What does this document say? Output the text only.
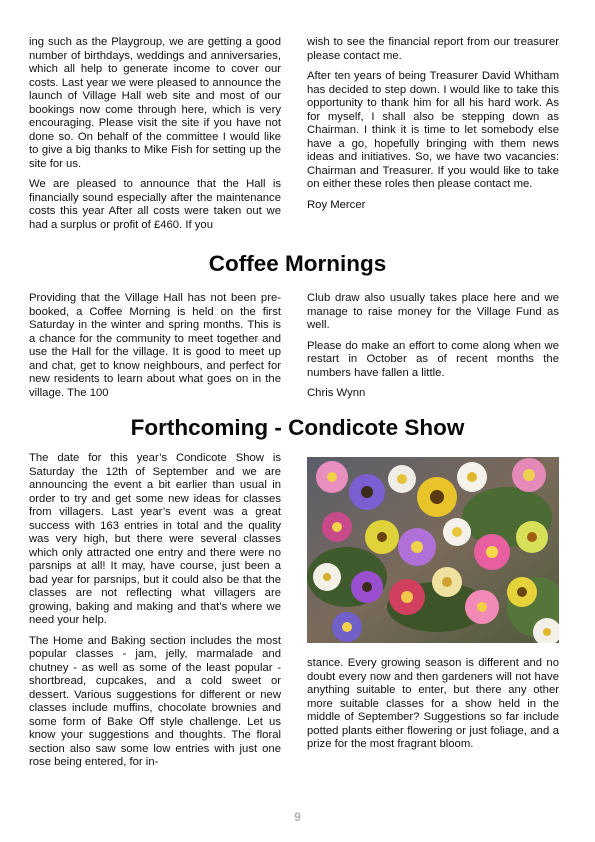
ing such as the Playgroup, we are getting a good number of birthdays, weddings and anniversaries, which all help to generate income to cover our costs. Last year we were pleased to announce the launch of Village Hall web site and most of our bookings now come through here, which is very encouraging. Please visit the site if you have not done so. On behalf of the committee I would like to give a big thanks to Mike Fish for setting up the site for us.

We are pleased to announce that the Hall is financially sound especially after the maintenance costs this year After all costs were taken out we had a surplus or profit of £460. If you

wish to see the financial report from our treasurer please contact me.

After ten years of being Treasurer David Whitham has decided to step down. I would like to take this opportunity to thank him for all his hard work. As for myself, I shall also be stepping down as Chairman. I think it is time to let somebody else have a go, hopefully bringing with them news ideas and initiatives. So, we have two vacancies: Chairman and Treasurer. If you would like to take on either these roles then please contact me.

Roy Mercer

Coffee Mornings

Providing that the Village Hall has not been pre-booked, a Coffee Morning is held on the first Saturday in the winter and spring months. This is a chance for the community to meet together and use the Hall for the village. It is good to meet up and chat, get to know neighbours, and perfect for new residents to learn about what goes on in the village. The 100

Club draw also usually takes place here and we manage to raise money for the Village Fund as well.

Please do make an effort to come along when we restart in October as of recent months the numbers have fallen a little.

Chris Wynn

Forthcoming - Condicote Show

The date for this year’s Condicote Show is Saturday the 12th of September and we are announcing the event a bit earlier than usual in order to try and get some new ideas for classes from villagers. Last year’s event was a great success with 163 entries in total and the quality was very high, but there were several classes which only attracted one entry and there were no parsnips at all! It may, have course, just been a bad year for parsnips, but it could also be that the classes are not reflecting what villagers are growing, baking and making and that’s where we need your help.

The Home and Baking section includes the most popular classes - jam, jelly, marmalade and chutney - as well as some of the least popular - shortbread, cupcakes, and a cold sweet or dessert. Various suggestions for different or new classes include muffins, chocolate brownies and some form of Bake Off style challenge. Let us know your suggestions and thoughts. The floral section also saw some low entries with just one rose being entered, for in-

stance. Every growing season is different and no doubt every now and then gardeners will not have anything suitable to enter, but there any other more suitable classes for a show held in the middle of September? Suggestions so far include potted plants either flowering or just foliage, and a prize for the most fragrant bloom.

9
